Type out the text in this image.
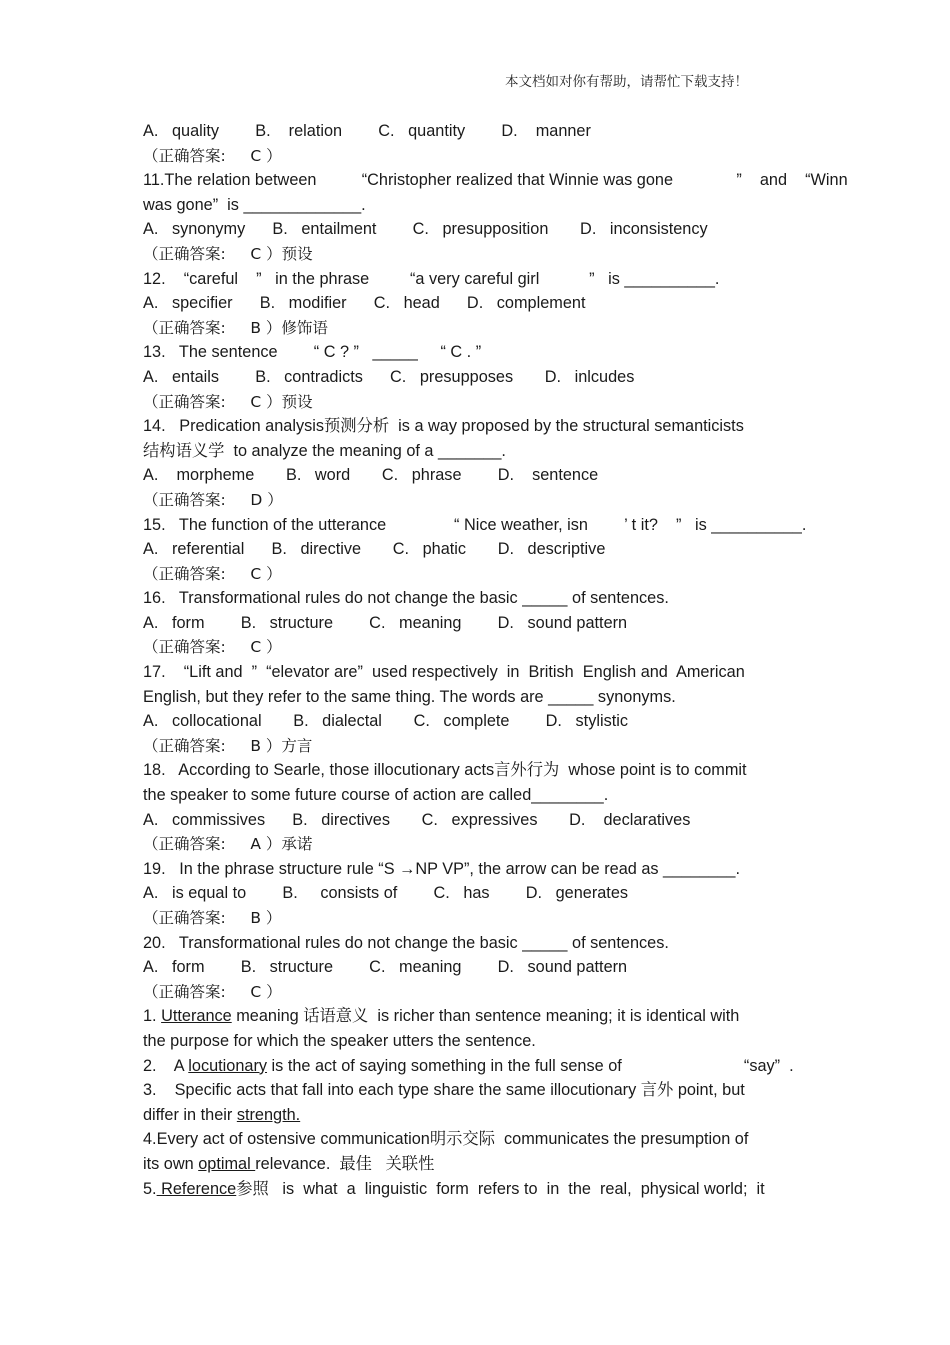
本文档如对你有帮助，请帮忙下载支持！
A.   quality        B.    relation        C.   quantity        D.    manner
（正确答案:     C ）
11.The relation between          “Christopher realized that Winnie was gone              ”    and    “Winn
was gone”  is _____________.
A.   synonymy      B.   entailment        C.   presupposition       D.   inconsistency
（正确答案:     C ）预设
12.    “careful    ”   in the phrase         “a very careful girl           ”   is __________.
A.   specifier      B.   modifier      C.   head      D.   complement
（正确答案:     B ）修饰语
13.   The sentence        “ C ? ”   _____     “ C . ”
A.   entails        B.   contradicts      C.   presupposes       D.   inlcudes
（正确答案:     C ）预设
14.   Predication analysis预测分析  is a way proposed by the structural semanticists
结构语义学  to analyze the meaning of a _______.
A.    morpheme       B.   word       C.   phrase        D.    sentence
（正确答案:     D ）
15.   The function of the utterance               “ Nice weather, isn        ’ t it?    ”   is __________.
A.   referential      B.   directive       C.   phatic       D.   descriptive
（正确答案:     C ）
16.   Transformational rules do not change the basic _____ of sentences.
A.   form        B.   structure        C.   meaning        D.   sound pattern
（正确答案:     C ）
17.    “Lift and  ”  “elevator are”  used respectively  in  British  English and  American
English, but they refer to the same thing. The words are _____ synonyms.
A.   collocational       B.   dialectal       C.   complete        D.   stylistic
（正确答案:     B ）方言
18.   According to Searle, those illocutionary acts言外行为  whose point is to commit
the speaker to some future course of action are called________.
A.   commissives      B.   directives       C.   expressives       D.    declaratives
（正确答案:     A ）承诺
19.   In the phrase structure rule “S →NP VP”, the arrow can be read as ________.
A.   is equal to        B.     consists of        C.   has        D.   generates
（正确答案:     B ）
20.   Transformational rules do not change the basic _____ of sentences.
A.   form        B.   structure        C.   meaning        D.   sound pattern
（正确答案:     C ）
1. Utterance meaning 话语意义  is richer than sentence meaning; it is identical with
the purpose for which the speaker utters the sentence.
2.    A locutionary is the act of saying something in the full sense of                           “say”  .
3.    Specific acts that fall into each type share the same illocutionary 言外 point, but
differ in their strength.
4.Every act of ostensive communication明示交际  communicates the presumption of
its own optimal relevance.  最佳   关联性
5. Reference参照   is  what  a  linguistic  form  refers to  in  the  real,  physical world;  it
